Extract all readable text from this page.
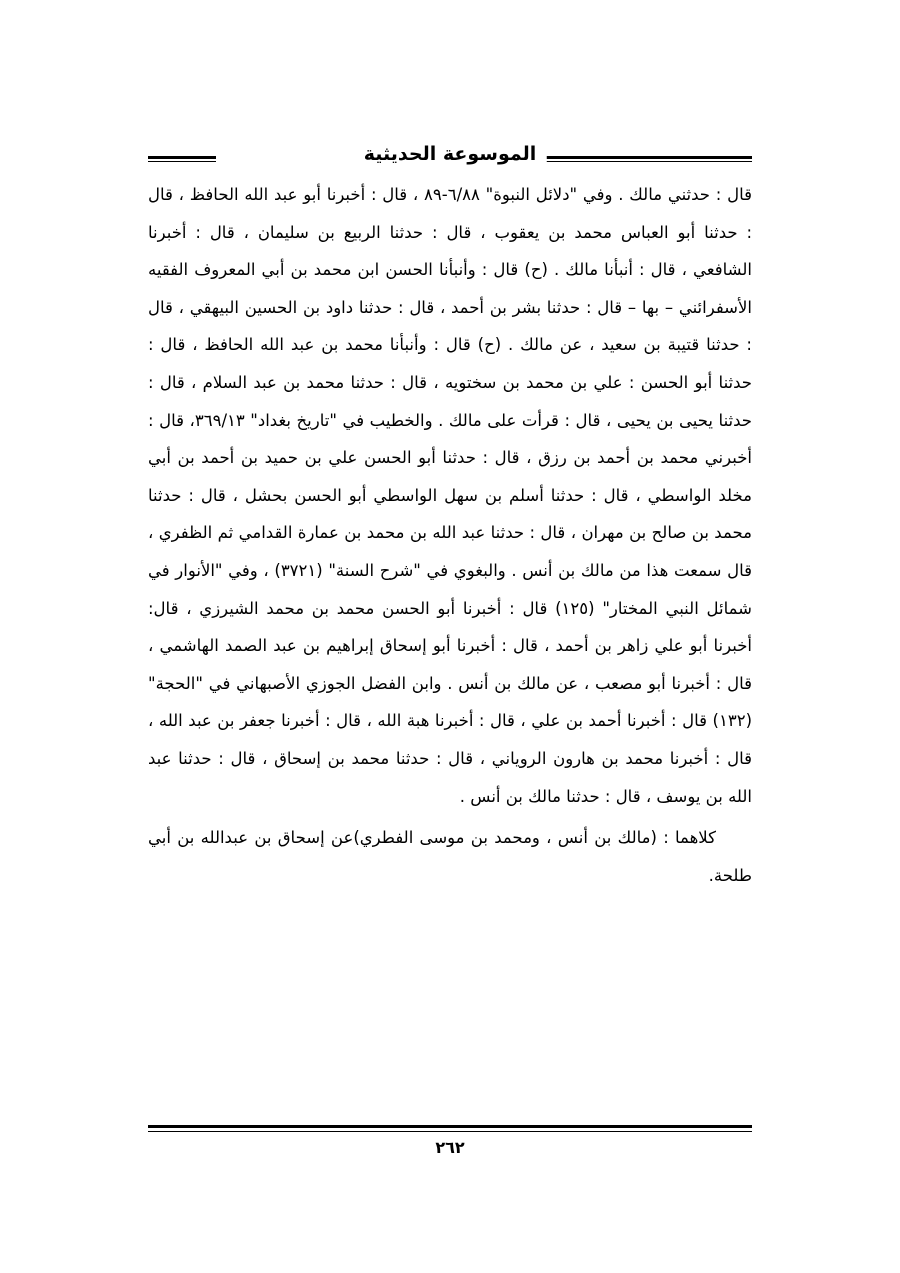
الموسوعة الحديثية

قال : حدثني مالك . وفي "دلائل النبوة" ٦/٨٨-٨٩ ، قال : أخبرنا أبو عبد الله الحافظ ، قال : حدثنا أبو العباس محمد بن يعقوب ، قال : حدثنا الربيع بن سليمان ، قال : أخبرنا الشافعي ، قال : أنبأنا مالك . (ح) قال : وأنبأنا الحسن ابن محمد بن أبي المعروف الفقيه الأسفرائني – بها – قال : حدثنا بشر بن أحمد ، قال : حدثنا داود بن الحسين البيهقي ، قال : حدثنا قتيبة بن سعيد ، عن مالك . (ح) قال : وأنبأنا محمد بن عبد الله الحافظ ، قال : حدثنا أبو الحسن : علي بن محمد بن سختويه ، قال : حدثنا محمد بن عبد السلام ، قال : حدثنا يحيى بن يحيى ، قال : قرأت على مالك . والخطيب في "تاريخ بغداد" ٣٦٩/١٣، قال : أخبرني محمد بن أحمد بن رزق ، قال : حدثنا أبو الحسن علي بن حميد بن أحمد بن أبي مخلد الواسطي ، قال : حدثنا أسلم بن سهل الواسطي أبو الحسن بحشل ، قال : حدثنا محمد بن صالح بن مهران ، قال : حدثنا عبد الله بن محمد بن عمارة القدامي ثم الظفري ، قال سمعت هذا من مالك بن أنس . والبغوي في "شرح السنة" (٣٧٢١) ، وفي "الأنوار في شمائل النبي المختار" (١٢٥) قال : أخبرنا أبو الحسن محمد بن محمد الشيرزي ، قال: أخبرنا أبو علي زاهر بن أحمد ، قال : أخبرنا أبو إسحاق إبراهيم بن عبد الصمد الهاشمي ، قال : أخبرنا أبو مصعب ، عن مالك بن أنس . وابن الفضل الجوزي الأصبهاني في "الحجة" (١٣٢) قال : أخبرنا أحمد بن علي ، قال : أخبرنا هبة الله ، قال : أخبرنا جعفر بن عبد الله ، قال : أخبرنا محمد بن هارون الروياني ، قال : حدثنا محمد بن إسحاق ، قال : حدثنا عبد الله بن يوسف ، قال : حدثنا مالك بن أنس .

كلاهما : (مالك بن أنس ، ومحمد بن موسى الفطري)عن إسحاق بن عبدالله بن أبي طلحة.

٢٦٢
